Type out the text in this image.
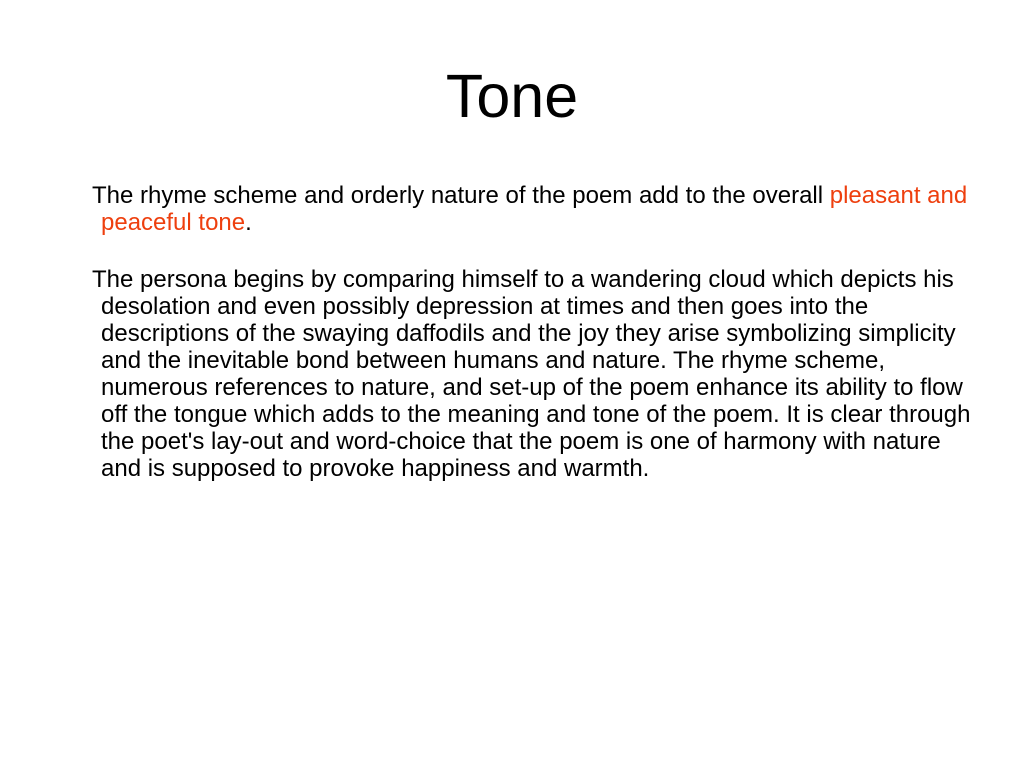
Tone

The rhyme scheme and orderly nature of the poem add to the overall pleasant and peaceful tone.

The persona begins by comparing himself to a wandering cloud which depicts his desolation and even possibly depression at times and then goes into the descriptions of the swaying daffodils and the joy they arise symbolizing simplicity and the inevitable bond between humans and nature. The rhyme scheme, numerous references to nature, and set-up of the poem enhance its ability to flow off the tongue which adds to the meaning and tone of the poem. It is clear through the poet's lay-out and word-choice that the poem is one of harmony with nature and is supposed to provoke happiness and warmth.
